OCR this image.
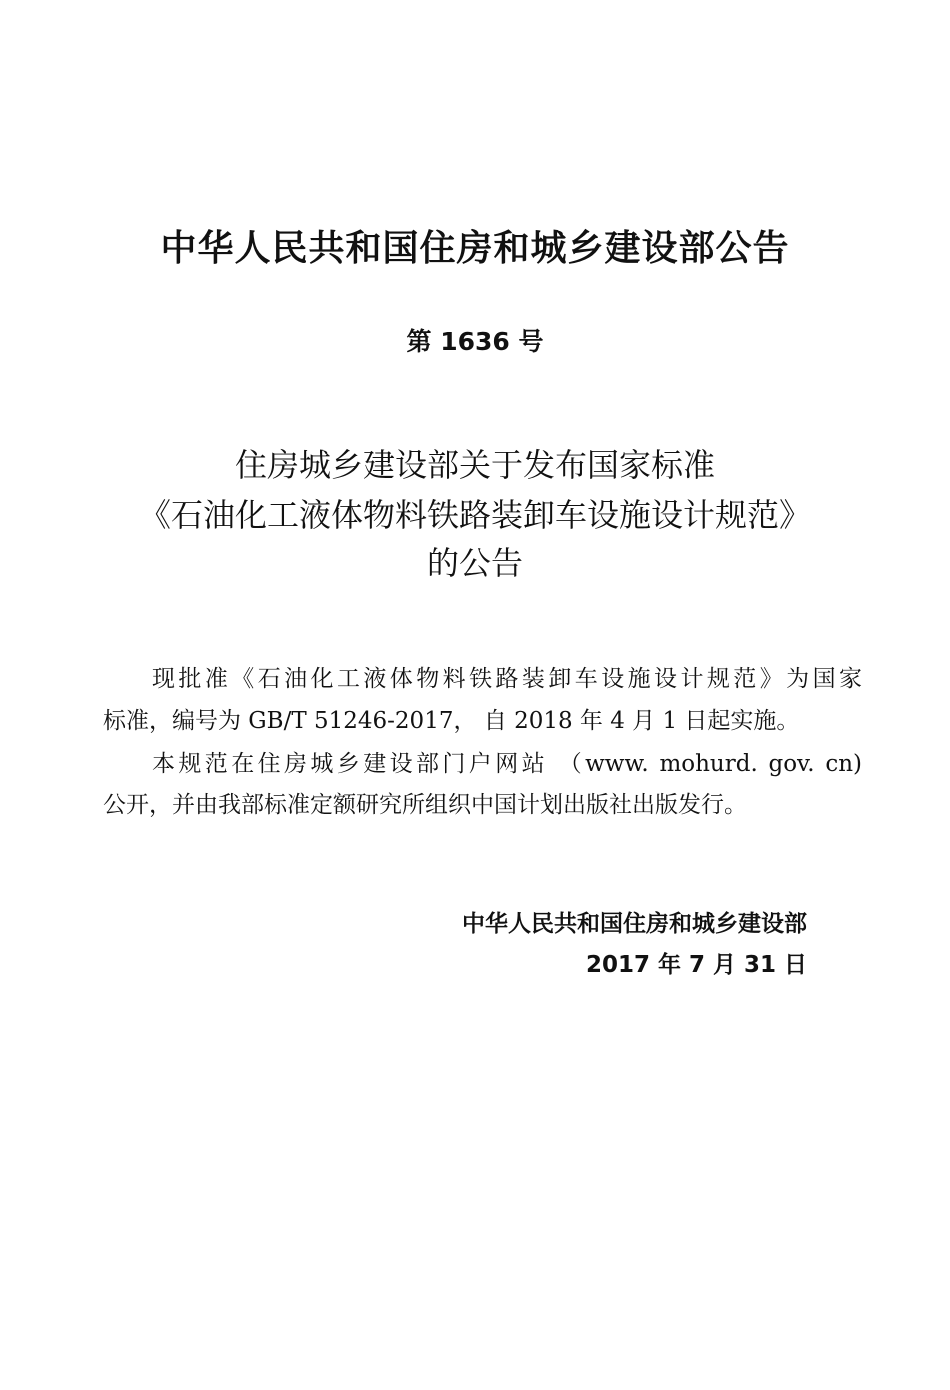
中华人民共和国住房和城乡建设部公告
第 1636 号
住房城乡建设部关于发布国家标准
《石油化工液体物料铁路装卸车设施设计规范》
的公告
现批准《石油化工液体物料铁路装卸车设施设计规范》为国家
标准，编号为 GB/T 51246-2017， 自 2018 年 4 月 1 日起实施。
本规范在住房城乡建设部门户网站 （www. mohurd. gov. cn)
公开，并由我部标准定额研究所组织中国计划出版社出版发行。
中华人民共和国住房和城乡建设部
2017 年 7 月 31 日
